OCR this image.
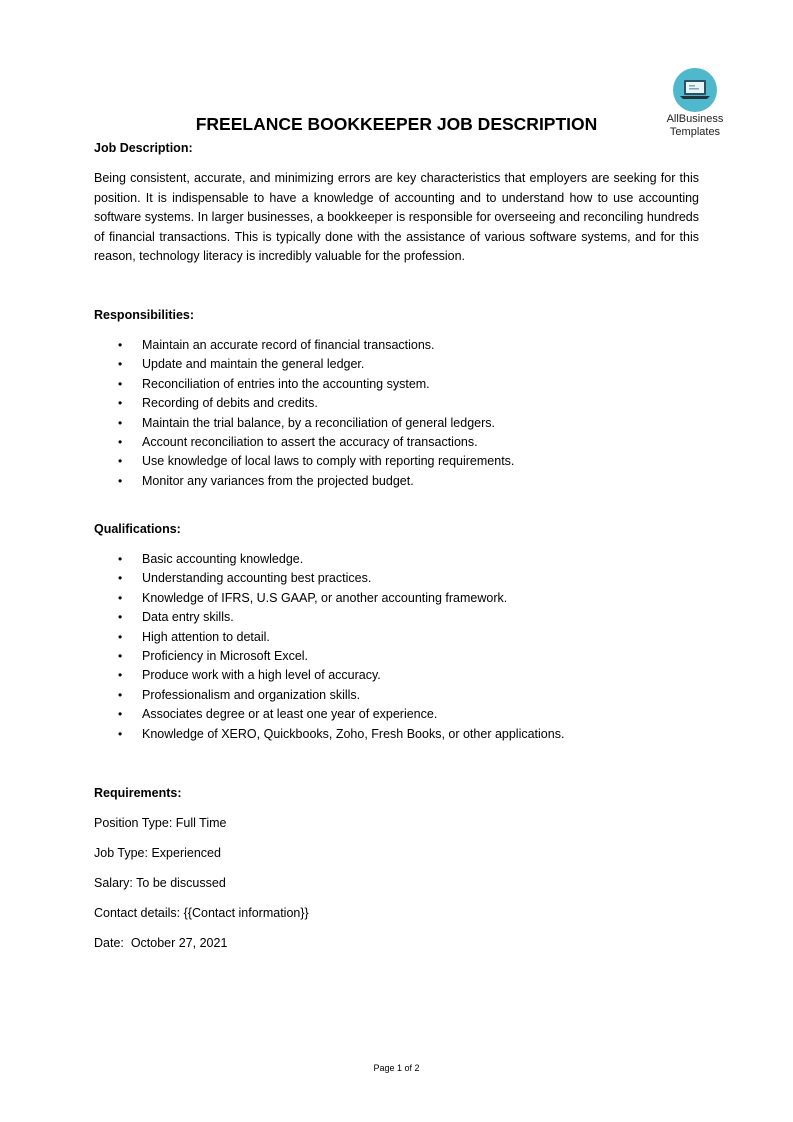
AllBusiness
Templates
FREELANCE BOOKKEEPER JOB DESCRIPTION

Job Description:

Being consistent, accurate, and minimizing errors are key characteristics that employers are seeking for this position. It is indispensable to have a knowledge of accounting and to understand how to use accounting software systems. In larger businesses, a bookkeeper is responsible for overseeing and reconciling hundreds of financial transactions. This is typically done with the assistance of various software systems, and for this reason, technology literacy is incredibly valuable for the profession.

Responsibilities:

• Maintain an accurate record of financial transactions.
• Update and maintain the general ledger.
• Reconciliation of entries into the accounting system.
• Recording of debits and credits.
• Maintain the trial balance, by a reconciliation of general ledgers.
• Account reconciliation to assert the accuracy of transactions.
• Use knowledge of local laws to comply with reporting requirements.
• Monitor any variances from the projected budget.

Qualifications:

• Basic accounting knowledge.
• Understanding accounting best practices.
• Knowledge of IFRS, U.S GAAP, or another accounting framework.
• Data entry skills.
• High attention to detail.
• Proficiency in Microsoft Excel.
• Produce work with a high level of accuracy.
• Professionalism and organization skills.
• Associates degree or at least one year of experience.
• Knowledge of XERO, Quickbooks, Zoho, Fresh Books, or other applications.

Requirements:

Position Type: Full Time

Job Type: Experienced

Salary: To be discussed

Contact details: {{Contact information}}

Date:  October 27, 2021

Page 1 of 2
